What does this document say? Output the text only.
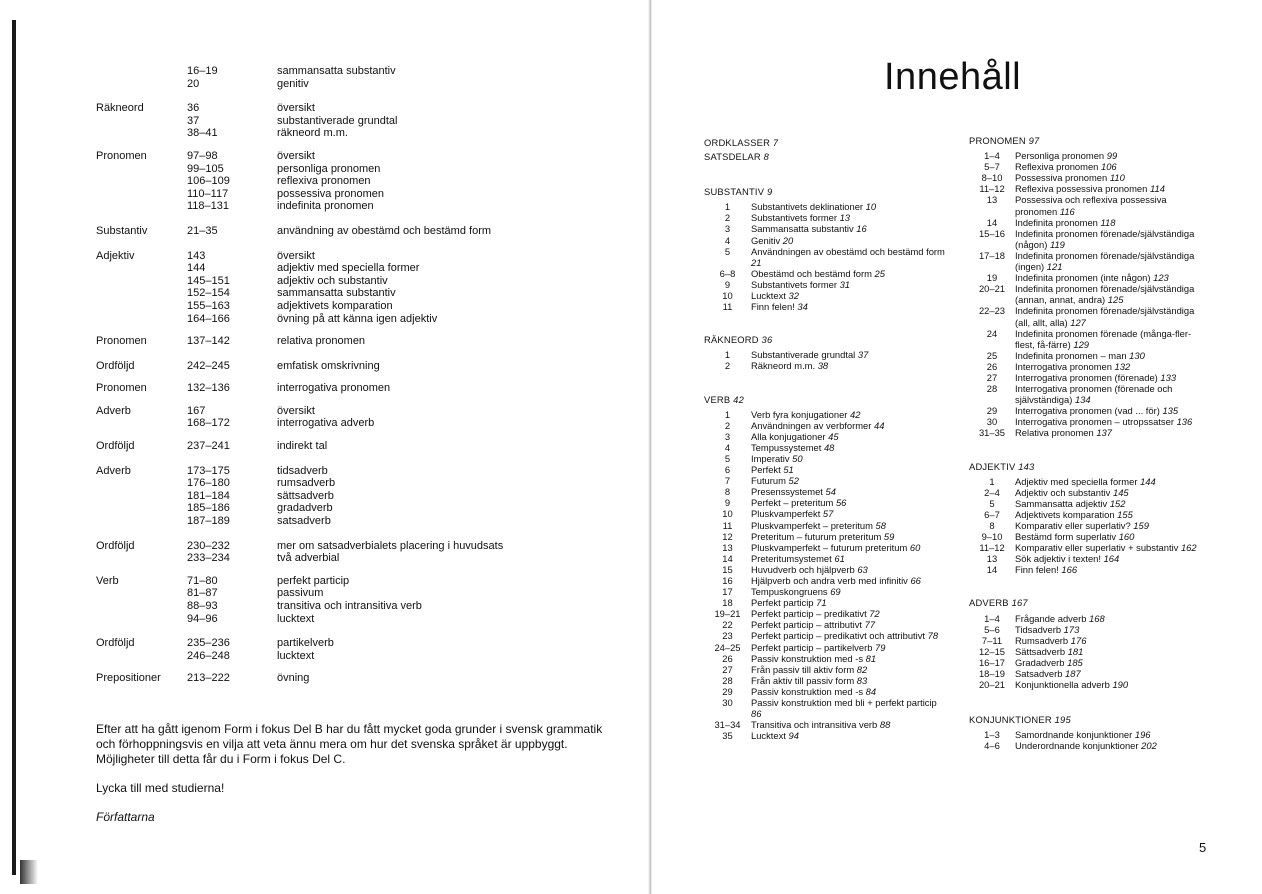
16–19	sammansatta substantiv
20	genitiv
Räkneord	36	översikt
37	substantiverade grundtal
38–41	räkneord m.m.
Pronomen	97–98	översikt
99–105	personliga pronomen
106–109	reflexiva pronomen
110–117	possessiva pronomen
118–131	indefinita pronomen
Substantiv	21–35	användning av obestämd och bestämd form
Adjektiv	143	översikt
144	adjektiv med speciella former
145–151	adjektiv och substantiv
152–154	sammansatta substantiv
155–163	adjektivets komparation
164–166	övning på att känna igen adjektiv
Pronomen	137–142	relativa pronomen
Ordföljd	242–245	emfatisk omskrivning
Pronomen	132–136	interrogativa pronomen
Adverb	167	översikt
168–172	interrogativa adverb
Ordföljd	237–241	indirekt tal
Adverb	173–175	tidsadverb
176–180	rumsadverb
181–184	sättsadverb
185–186	gradadverb
187–189	satsadverb
Ordföljd	230–232	mer om satsadverbialets placering i huvudsats
233–234	två adverbial
Verb	71–80	perfekt particip
81–87	passivum
88–93	transitiva och intransitiva verb
94–96	lucktext
Ordföljd	235–236	partikelverb
246–248	lucktext
Prepositioner	213–222	övning

Efter att ha gått igenom Form i fokus Del B har du fått mycket goda grunder i svensk grammatik och förhoppningsvis en vilja att veta ännu mera om hur det svenska språket är uppbyggt. Möjligheter till detta får du i Form i fokus Del C.

Lycka till med studierna!

Författarna

Innehåll
ORDKLASSER 7
SATSDELAR 8
SUBSTANTIV 9
1	Substantivets deklinationer 10
2	Substantivets former 13
3	Sammansatta substantiv 16
4	Genitiv 20
5	Användningen av obestämd och bestämd form 21
6–8	Obestämd och bestämd form 25
9	Substantivets former 31
10	Lucktext 32
11	Finn felen! 34
RÄKNEORD 36
1	Substantiverade grundtal 37
2	Räkneord m.m. 38
VERB 42
1	Verb fyra konjugationer 42
2	Användningen av verbformer 44
3	Alla konjugationer 45
4	Tempussystemet 48
5	Imperativ 50
6	Perfekt 51
7	Futurum 52
8	Presenssystemet 54
9	Perfekt – preteritum 56
10	Pluskvamperfekt 57
11	Pluskvamperfekt – preteritum 58
12	Preteritum – futurum preteritum 59
13	Pluskvamperfekt – futurum preteritum 60
14	Preteritumsystemet 61
15	Huvudverb och hjälpverb 63
16	Hjälpverb och andra verb med infinitiv 66
17	Tempuskongruens 69
18	Perfekt particip 71
19–21	Perfekt particip – predikativt 72
22	Perfekt particip – attributivt 77
23	Perfekt particip – predikativt och attributivt 78
24–25	Perfekt particip – partikelverb 79
26	Passiv konstruktion med -s 81
27	Från passiv till aktiv form 82
28	Från aktiv till passiv form 83
29	Passiv konstruktion med -s 84
30	Passiv konstruktion med bli + perfekt particip 86
31–34	Transitiva och intransitiva verb 88
35	Lucktext 94
PRONOMEN 97
1–4	Personliga pronomen 99
5–7	Reflexiva pronomen 106
8–10	Possessiva pronomen 110
11–12	Reflexiva possessiva pronomen 114
13	Possessiva och reflexiva possessiva pronomen 116
14	Indefinita pronomen 118
15–16	Indefinita pronomen förenade/självständiga (någon) 119
17–18	Indefinita pronomen förenade/självständiga (ingen) 121
19	Indefinita pronomen (inte någon) 123
20–21	Indefinita pronomen förenade/självständiga (annan, annat, andra) 125
22–23	Indefinita pronomen förenade/självständiga (all, allt, alla) 127
24	Indefinita pronomen förenade (många-fler-flest, få-färre) 129
25	Indefinita pronomen – man 130
26	Interrogativa pronomen 132
27	Interrogativa pronomen (förenade) 133
28	Interrogativa pronomen (förenade och självständiga) 134
29	Interrogativa pronomen (vad ... för) 135
30	Interrogativa pronomen – utropssatser 136
31–35	Relativa pronomen 137
ADJEKTIV 143
1	Adjektiv med speciella former 144
2–4	Adjektiv och substantiv 145
5	Sammansatta adjektiv 152
6–7	Adjektivets komparation 155
8	Komparativ eller superlativ? 159
9–10	Bestämd form superlativ 160
11–12	Komparativ eller superlativ + substantiv 162
13	Sök adjektiv i texten! 164
14	Finn felen! 166
ADVERB 167
1–4	Frågande adverb 168
5–6	Tidsadverb 173
7–11	Rumsadverb 176
12–15	Sättsadverb 181
16–17	Gradadverb 185
18–19	Satsadverb 187
20–21	Konjunktionella adverb 190
KONJUNKTIONER 195
1–3	Samordnande konjunktioner 196
4–6	Underordnande konjunktioner 202
5
